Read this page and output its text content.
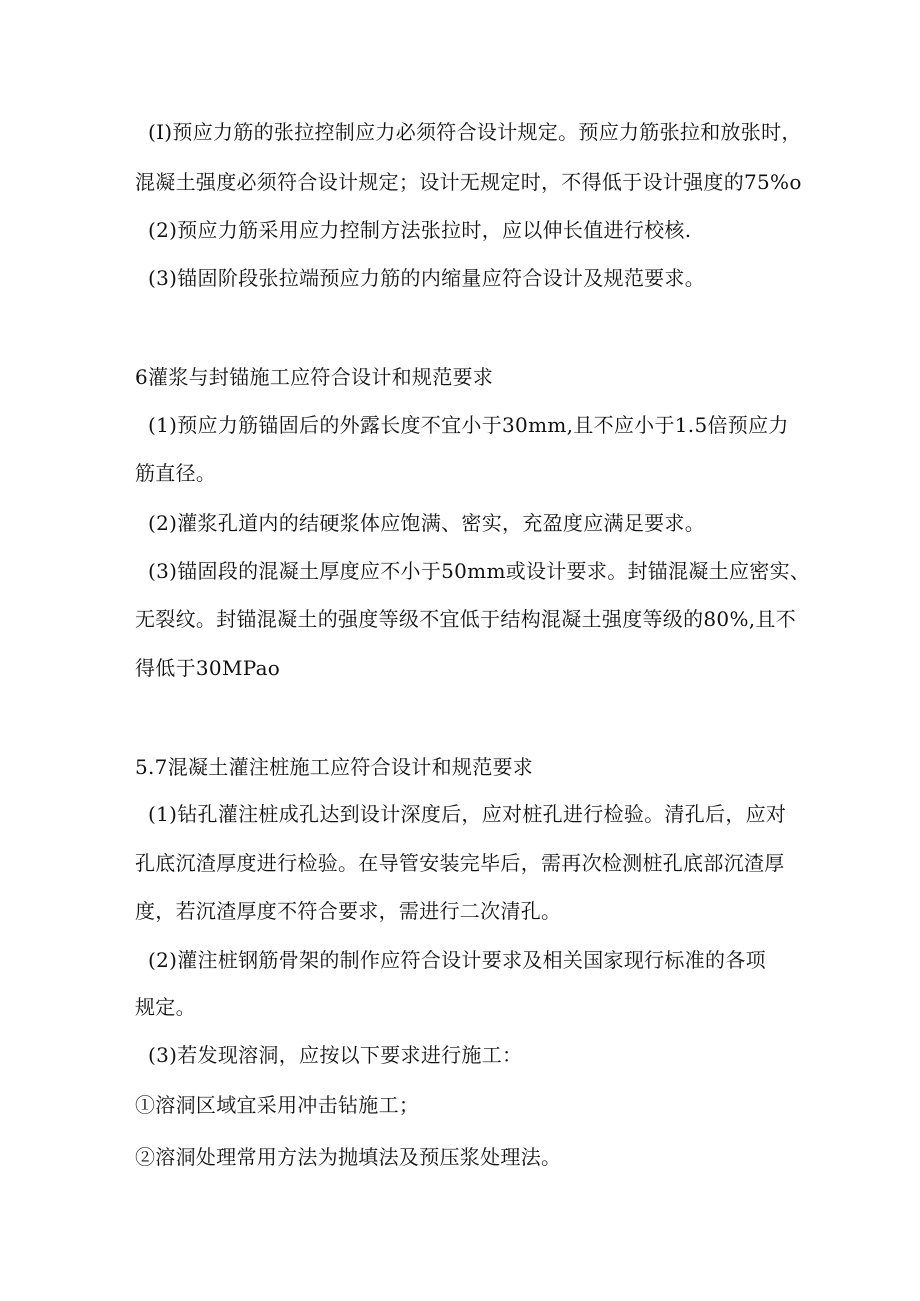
(I)预应力筋的张拉控制应力必须符合设计规定。预应力筋张拉和放张时，
混凝土强度必须符合设计规定；设计无规定时，不得低于设计强度的75%o
(2)预应力筋采用应力控制方法张拉时，应以伸长值进行校核.
(3)锚固阶段张拉端预应力筋的内缩量应符合设计及规范要求。
6灌浆与封锚施工应符合设计和规范要求
(1)预应力筋锚固后的外露长度不宜小于30mm,且不应小于1.5倍预应力
筋直径。
(2)灌浆孔道内的结硬浆体应饱满、密实，充盈度应满足要求。
(3)锚固段的混凝土厚度应不小于50mm或设计要求。封锚混凝土应密实、
无裂纹。封锚混凝土的强度等级不宜低于结构混凝土强度等级的80%,且不
得低于30MPao
5.7混凝土灌注桩施工应符合设计和规范要求
(1)钻孔灌注桩成孔达到设计深度后，应对桩孔进行检验。清孔后，应对
孔底沉渣厚度进行检验。在导管安装完毕后，需再次检测桩孔底部沉渣厚
度，若沉渣厚度不符合要求，需进行二次清孔。
(2)灌注桩钢筋骨架的制作应符合设计要求及相关国家现行标准的各项
规定。
(3)若发现溶洞，应按以下要求进行施工：
①溶洞区域宜采用冲击钻施工；
②溶洞处理常用方法为抛填法及预压浆处理法。
